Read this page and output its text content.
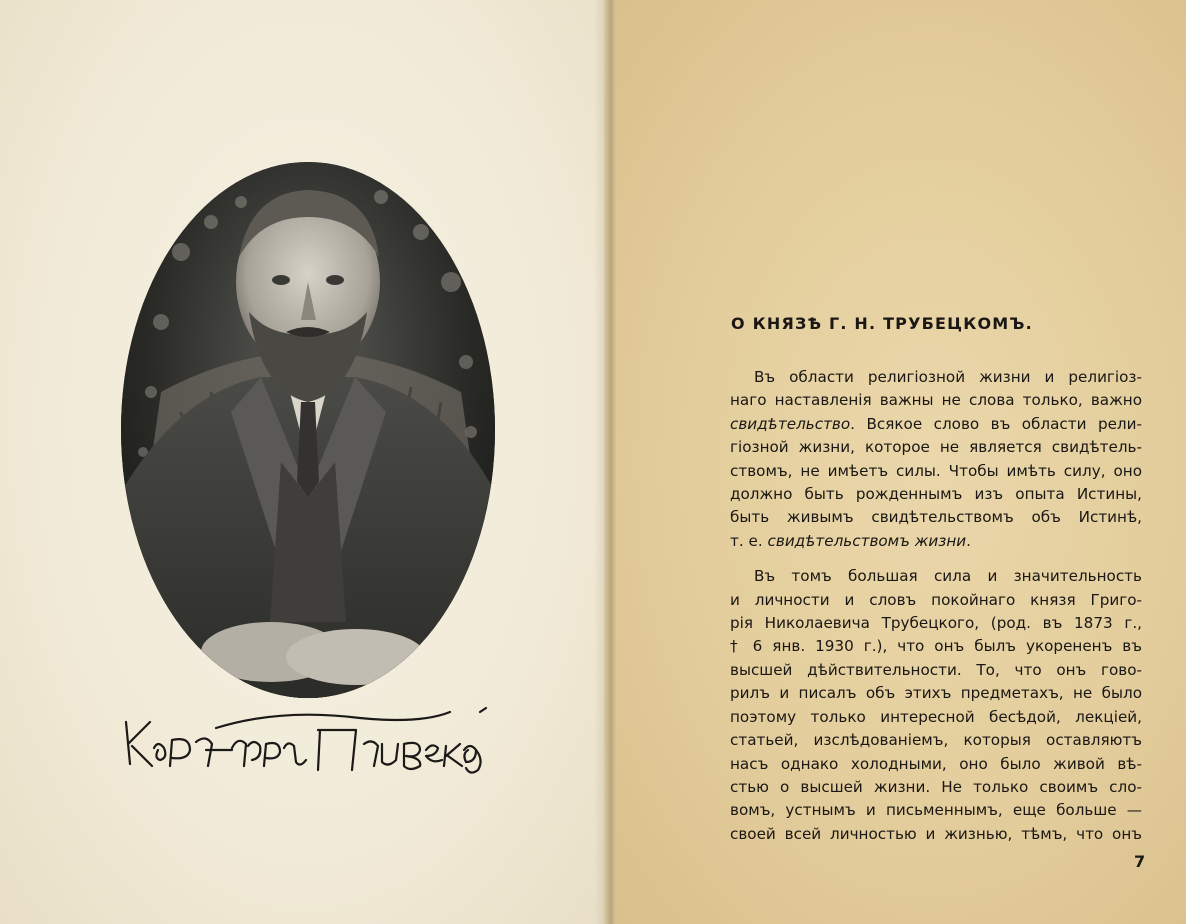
О КНЯЗѢ Г. Н. ТРУБЕЦКОМЪ.

Въ области религіозной жизни и религіоз-
наго наставленія важны не слова только, важно
свидѣтельство. Всякое слово въ области рели-
гіозной жизни, которое не является свидѣтель-
ствомъ, не имѣетъ силы. Чтобы имѣть силу, оно
должно быть рожденнымъ изъ опыта Истины,
быть живымъ свидѣтельствомъ объ Истинѣ,
т. е. свидѣтельствомъ жизни.

Въ томъ большая сила и значительность
и личности и словъ покойнаго князя Григо-
рія Николаевича Трубецкого, (род. въ 1873 г.,
† 6 янв. 1930 г.), что онъ былъ укорененъ въ
высшей дѣйствительности. То, что онъ гово-
рилъ и писалъ объ этихъ предметахъ, не было
поэтому только интересной бесѣдой, лекціей,
статьей, изслѣдованіемъ, которыя оставляютъ
насъ однако холодными, оно было живой вѣ-
стью о высшей жизни. Не только своимъ сло-
вомъ, устнымъ и письменнымъ, еще больше —
своей всей личностью и жизнью, тѣмъ, что онъ

7
